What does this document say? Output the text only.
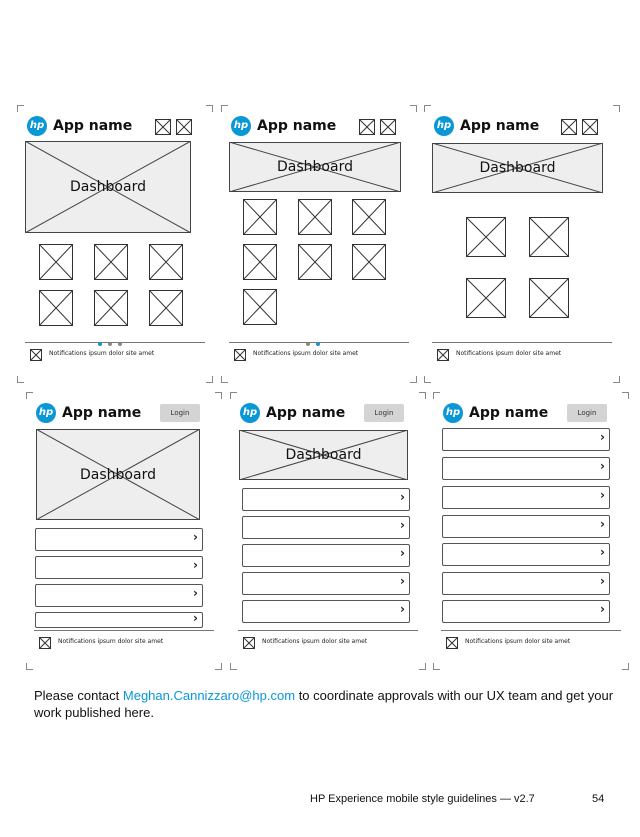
hp App name
Dashboard
Notifications ipsum dolor site amet
hp App name
Dashboard
Notifications ipsum dolor site amet
hp App name
Dashboard
Notifications ipsum dolor site amet
hp App name	Login
Dashboard
›
›
›
›
Notifications ipsum dolor site amet
hp App name	Login
Dashboard
›
›
›
›
›
Notifications ipsum dolor site amet
hp App name	Login
›
›
›
›
›
›
›
Notifications ipsum dolor site amet
Please contact Meghan.Cannizzaro@hp.com to coordinate approvals with our UX team and get your work published here.
HP Experience mobile style guidelines — v2.7	54
